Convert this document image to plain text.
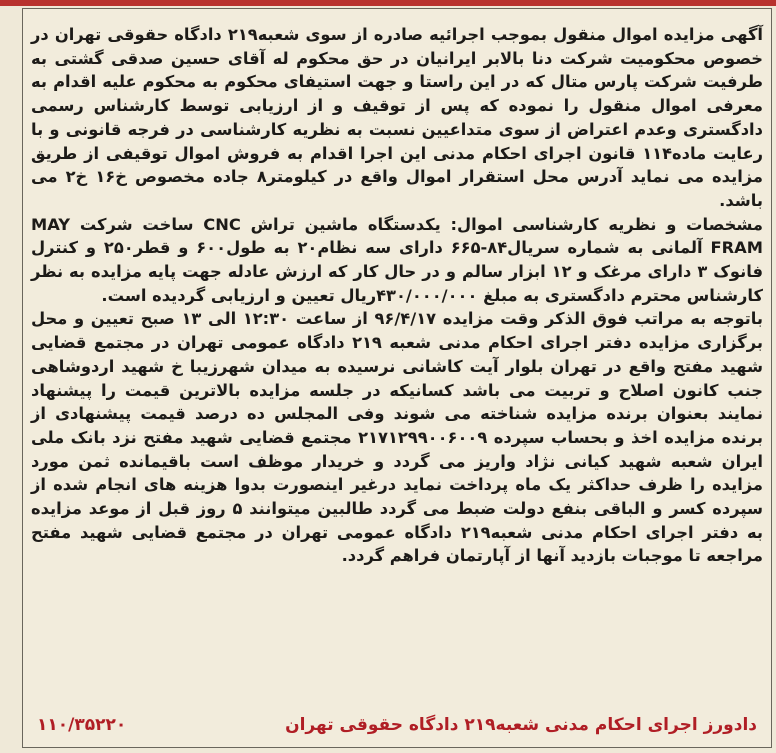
آگهی مزایده اموال منقول بموجب اجرائیه صادره از سوی شعبه۲۱۹ دادگاه حقوقی تهران در خصوص محکومیت شرکت دنا بالابر ایرانیان در حق محکوم له آقای حسین صدقی گشتی به طرفیت شرکت پارس متال که در این راستا و جهت استیفای محکوم به محکوم علیه اقدام به معرفی اموال منقول را نموده که پس از توقیف و از ارزیابی توسط کارشناس رسمی دادگستری وعدم اعتراض از سوی متداعیین نسبت به نظریه کارشناسی در فرجه قانونی و با رعایت ماده۱۱۴ قانون اجرای احکام مدنی این اجرا اقدام به فروش اموال توقیفی از طریق مزایده می نماید آدرس محل استقرار اموال واقع در کیلومتر۸ جاده مخصوص خ۱۶ خ۲ می باشد.

مشخصات و نظریه کارشناسی اموال: یکدستگاه ماشین تراش CNC ساخت شرکت MAY FRAM آلمانی به شماره سریال۸۴-۶۶۵ دارای سه نظام۲۰ به طول۶۰۰ و قطر۲۵۰ و کنترل فانوک ۳ دارای مرغک و ۱۲ ابزار سالم و در حال کار که ارزش عادله جهت پایه مزایده به نظر کارشناس محترم دادگستری به مبلغ ۴۳۰/۰۰۰/۰۰۰ریال تعیین و ارزیابی گردیده است.

باتوجه به مراتب فوق الذکر وقت مزایده ۹۶/۴/۱۷ از ساعت ۱۲:۳۰ الی ۱۳ صبح تعیین و محل برگزاری مزایده دفتر اجرای احکام مدنی شعبه ۲۱۹ دادگاه عمومی تهران در مجتمع قضایی شهید مفتح واقع در تهران بلوار آیت کاشانی نرسیده به میدان شهرزیبا خ شهید اردوشاهی جنب کانون اصلاح و تربیت می باشد کسانیکه در جلسه مزایده بالاترین قیمت را پیشنهاد نمایند بعنوان برنده مزایده شناخته می شوند وفی المجلس ده درصد قیمت پیشنهادی از برنده مزایده اخذ و بحساب سپرده ۲۱۷۱۲۹۹۰۰۶۰۰۹ مجتمع قضایی شهید مفتح نزد بانک ملی ایران شعبه شهید کیانی نژاد واریز می گردد و خریدار موظف است باقیمانده ثمن مورد مزایده را ظرف حداکثر یک ماه پرداخت نماید درغیر اینصورت بدوا هزینه های انجام شده از سپرده کسر و الباقی بنفع دولت ضبط می گردد طالبین میتوانند ۵ روز قبل از موعد مزایده به دفتر اجرای احکام مدنی شعبه۲۱۹ دادگاه عمومی تهران در مجتمع قضایی شهید مفتح مراجعه تا موجبات بازدید آنها از آپارتمان فراهم گردد.

دادورز اجرای احکام مدنی شعبه۲۱۹ دادگاه حقوقی تهران
۱۱۰/۳۵۲۲۰
